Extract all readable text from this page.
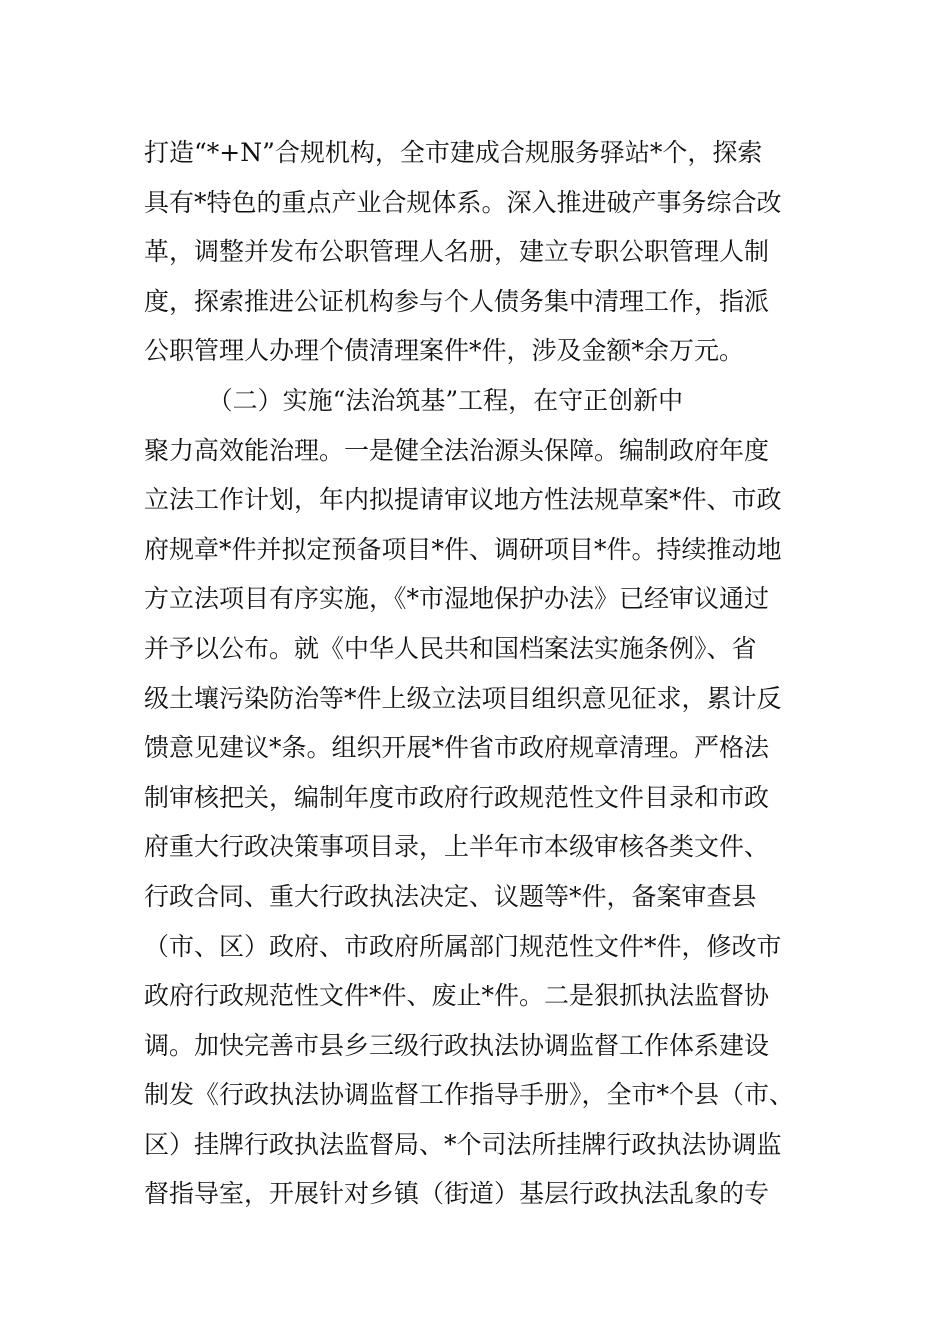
打造“*+N”合规机构，全市建成合规服务驿站*个，探索
具有*特色的重点产业合规体系。深入推进破产事务综合改
革，调整并发布公职管理人名册，建立专职公职管理人制
度，探索推进公证机构参与个人债务集中清理工作，指派
公职管理人办理个债清理案件*件，涉及金额*余万元。
（二）实施“法治筑基”工程，在守正创新中
聚力高效能治理。一是健全法治源头保障。编制政府年度
立法工作计划，年内拟提请审议地方性法规草案*件、市政
府规章*件并拟定预备项目*件、调研项目*件。持续推动地
方立法项目有序实施，《*市湿地保护办法》已经审议通过
并予以公布。就《中华人民共和国档案法实施条例》、省
级土壤污染防治等*件上级立法项目组织意见征求，累计反
馈意见建议*条。组织开展*件省市政府规章清理。严格法
制审核把关，编制年度市政府行政规范性文件目录和市政
府重大行政决策事项目录，上半年市本级审核各类文件、
行政合同、重大行政执法决定、议题等*件，备案审查县
（市、区）政府、市政府所属部门规范性文件*件，修改市
政府行政规范性文件*件、废止*件。二是狠抓执法监督协
调。加快完善市县乡三级行政执法协调监督工作体系建设
制发《行政执法协调监督工作指导手册》，全市*个县（市、
区）挂牌行政执法监督局、*个司法所挂牌行政执法协调监
督指导室，开展针对乡镇（街道）基层行政执法乱象的专
